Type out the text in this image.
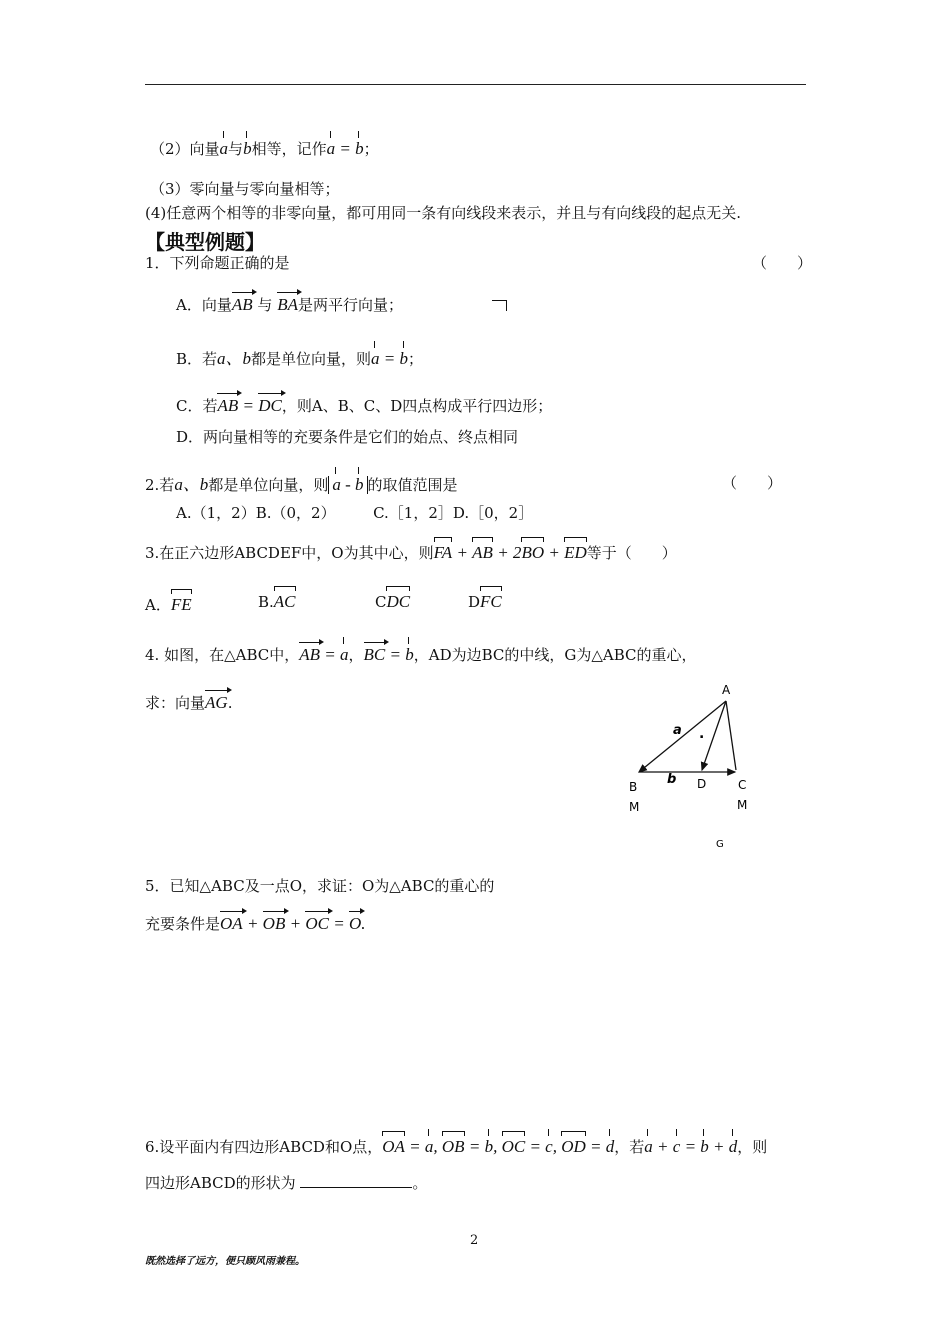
（2）向量a与b相等，记作a = b；
（3）零向量与零向量相等；
(4)任意两个相等的非零向量，都可用同一条有向线段来表示，并且与有向线段的起点无关.
【典型例题】
1．下列命题正确的是	（　　）
A．向量AB 与 BA是两平行向量；
B．若a、b都是单位向量，则a = b；
C．若AB = DC，则A、B、C、D四点构成平行四边形；
D．两向量相等的充要条件是它们的始点、终点相同
2.若a、b都是单位向量，则 a - b 的取值范围是	（　　）
A.（1，2）B.（0，2）　　　C.［1，2］D.［0，2］
3.在正六边形ABCDEF中，O为其中心，则FA + AB + 2BO + ED等于（　　）
A．FE	B.AC	CDC	DFC
4. 如图，在△ABC中，AB = a，BC = b，AD为边BC的中线，G为△ABC的重心，
求：向量AG.
A
B
M
C
M
D
a
b
.
G
5．已知△ABC及一点O，求证：O为△ABC的重心的
充要条件是OA + OB + OC = O.
6.设平面内有四边形ABCD和O点，OA = a, OB = b, OC = c, OD = d，若a + c = b + d，则
四边形ABCD的形状为	。
2
既然选择了远方，便只顾风雨兼程。
